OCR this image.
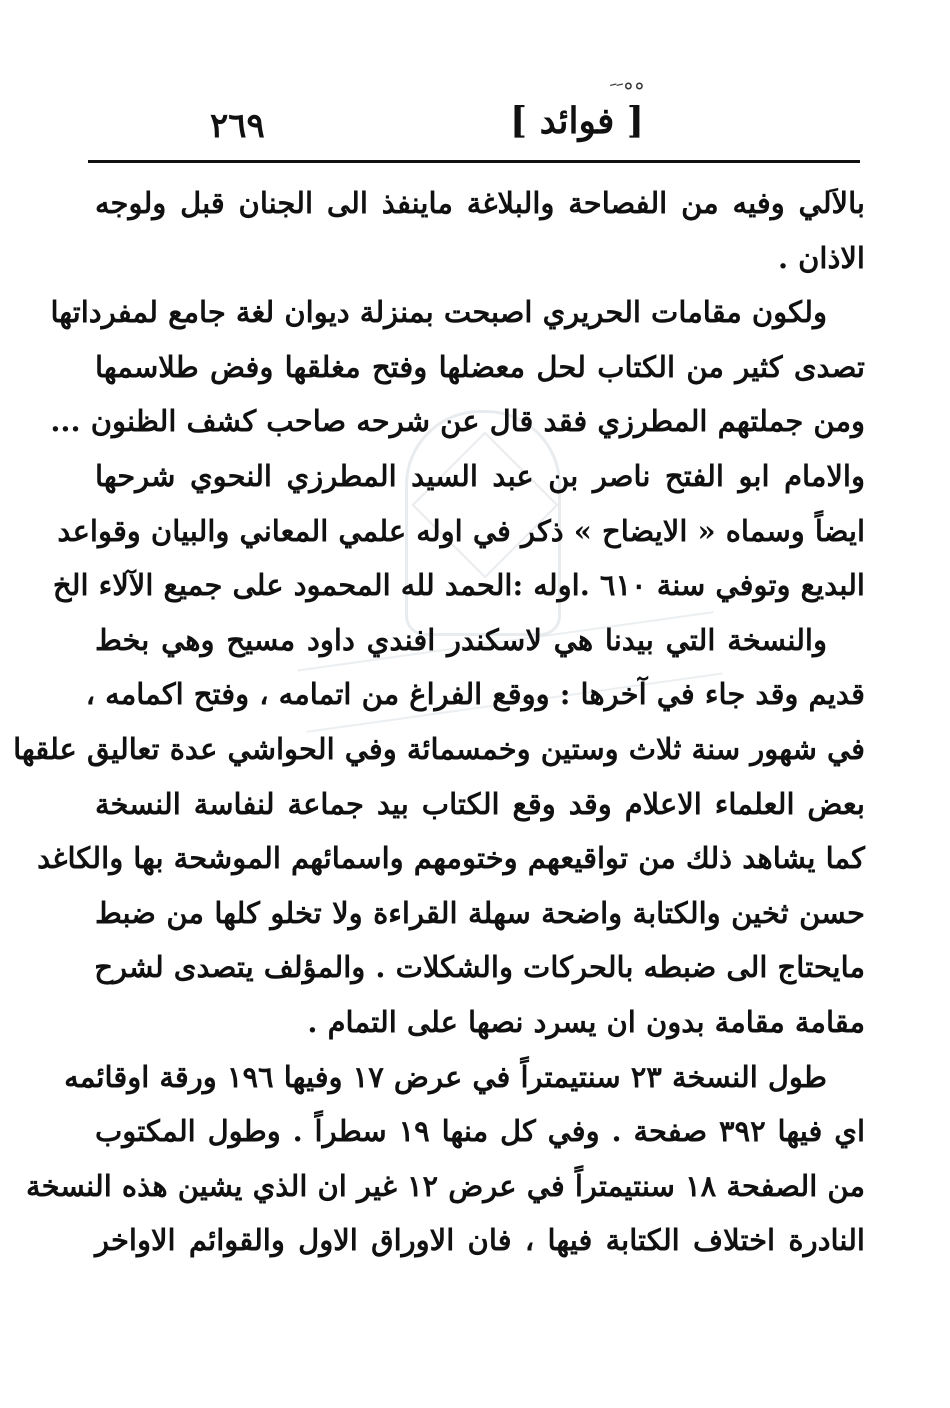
ﹶﹶ°°
٢٦٩	[ فوائد ]
بالاَلي وفيه من الفصاحة والبلاغة ماينفذ الى الجنان قبل ولوجه
الاذان .
ولكون مقامات الحريري اصبحت بمنزلة ديوان لغة جامع لمفرداتها
تصدى كثير من الكتاب لحل معضلها وفتح مغلقها وفض طلاسمها
ومن جملتهم المطرزي فقد قال عن شرحه صاحب كشف الظنون ...
والامام ابو الفتح ناصر بن عبد السيد المطرزي النحوي شرحها
ايضاً وسماه « الايضاح » ذكر في اوله علمي المعاني والبيان وقواعد
البديع وتوفي سنة ٦١٠ .اوله :الحمد لله المحمود على جميع الآلاء الخ
والنسخة التي بيدنا هي لاسكندر افندي داود مسيح وهي بخط
قديم وقد جاء في آخرها : ووقع الفراغ من اتمامه ، وفتح اكمامه ،
في شهور سنة ثلاث وستين وخمسمائة وفي الحواشي عدة تعاليق علقها
بعض العلماء الاعلام وقد وقع الكتاب بيد جماعة لنفاسة النسخة
كما يشاهد ذلك من تواقيعهم وختومهم واسمائهم الموشحة بها والكاغد
حسن ثخين والكتابة واضحة سهلة القراءة ولا تخلو كلها من ضبط
مايحتاج الى ضبطه بالحركات والشكلات . والمؤلف يتصدى لشرح
مقامة مقامة بدون ان يسرد نصها على التمام .
طول النسخة ٢٣ سنتيمتراً في عرض ١٧ وفيها ١٩٦ ورقة اوقائمه
اي فيها ٣٩٢ صفحة . وفي كل منها ١٩ سطراً . وطول المكتوب
من الصفحة ١٨ سنتيمتراً في عرض ١٢ غير ان الذي يشين هذه النسخة
النادرة اختلاف الكتابة فيها ، فان الاوراق الاول والقوائم الاواخر
